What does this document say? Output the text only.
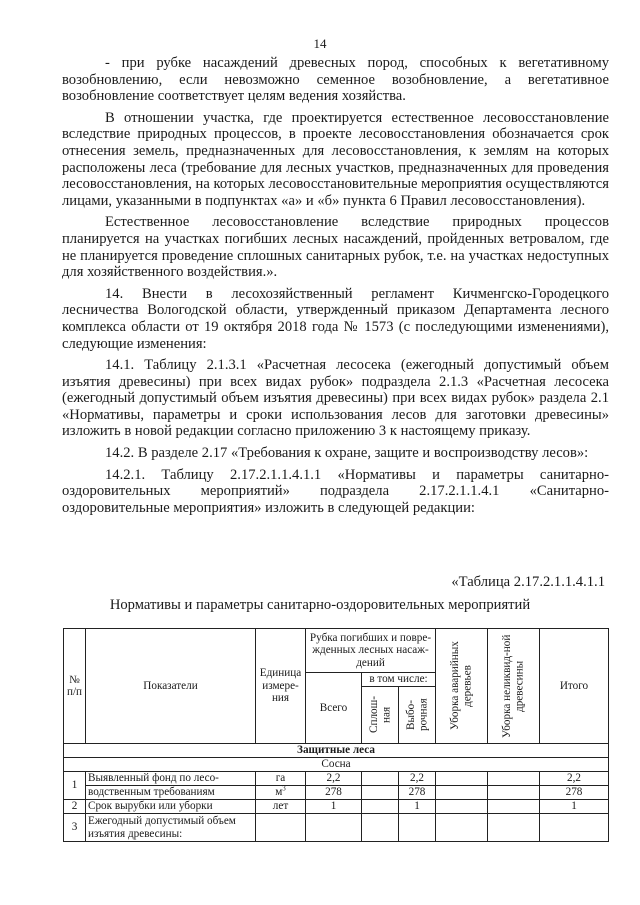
14

- при рубке насаждений древесных пород, способных к вегетативному возобновлению, если невозможно семенное возобновление, а вегетативное возобновление соответствует целям ведения хозяйства.

В отношении участка, где проектируется естественное лесовосстановление вследствие природных процессов, в проекте лесовосстановления обозначается срок отнесения земель, предназначенных для лесовосстановления, к землям на которых расположены леса (требование для лесных участков, предназначенных для проведения лесовосстановления, на которых лесовосстановительные мероприятия осуществляются лицами, указанными в подпунктах «а» и «б» пункта 6 Правил лесовосстановления).

Естественное лесовосстановление вследствие природных процессов планируется на участках погибших лесных насаждений, пройденных ветровалом, где не планируется проведение сплошных санитарных рубок, т.е. на участках недоступных для хозяйственного воздействия.».

14. Внести в лесохозяйственный регламент Кичменгско-Городецкого лесничества Вологодской области, утвержденный приказом Департамента лесного комплекса области от 19 октября 2018 года № 1573 (с последующими изменениями), следующие изменения:

14.1. Таблицу 2.1.3.1 «Расчетная лесосека (ежегодный допустимый объем изъятия древесины) при всех видах рубок» подраздела 2.1.3 «Расчетная лесосека (ежегодный допустимый объем изъятия древесины) при всех видах рубок» раздела 2.1 «Нормативы, параметры и сроки использования лесов для заготовки древесины» изложить в новой редакции согласно приложению 3 к настоящему приказу.

14.2. В разделе 2.17 «Требования к охране, защите и воспроизводству лесов»:

14.2.1. Таблицу 2.17.2.1.1.4.1.1 «Нормативы и параметры санитарно-оздоровительных мероприятий» подраздела 2.17.2.1.1.4.1 «Санитарно-оздоровительные мероприятия» изложить в следующей редакции:

«Таблица 2.17.2.1.1.4.1.1
Нормативы и параметры санитарно-оздоровительных мероприятий
№ п/п	Показатели	Единица измере-ния	Рубка погибших и повре-жденных лесных насаж-дений			Уборка аварийных деревьев	Уборка неликвид-ной древесины	Итого
			Всего	в том числе:				

				Сплош-ная	Выбо-рочная			

Защитные леса								
Сосна								
1	Выявленный фонд по лесо-	га	2,2		2,2			2,2
	водственным требованиям	$м^3$	278		278			278
2	Срок вырубки или уборки	лет	1		1			1
3	Ежегодный допустимый объем изъятия древесины:							
